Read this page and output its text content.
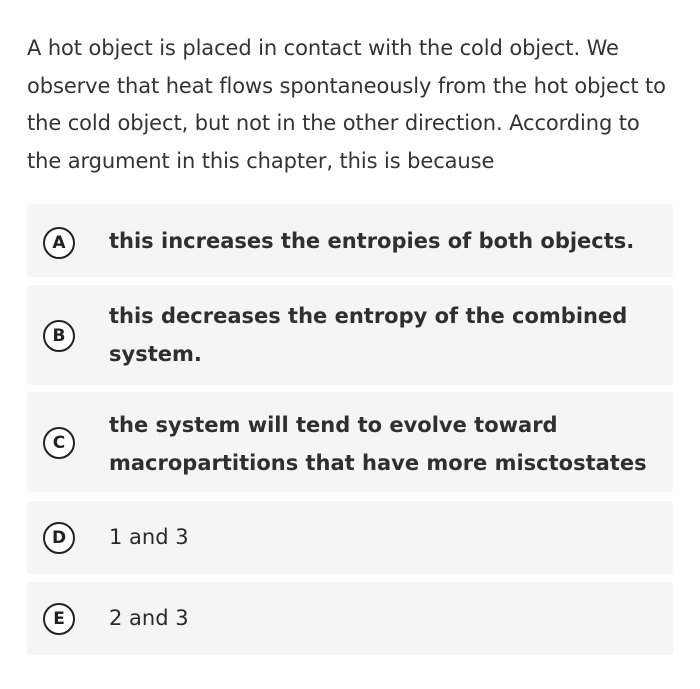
A hot object is placed in contact with the cold object. We observe that heat flows spontaneously from the hot object to the cold object, but not in the other direction. According to the argument in this chapter, this is because
A	this increases the entropies of both objects.
B
this decreases the entropy of the combined system.
C
the system will tend to evolve toward macropartitions that have more misctostates
D	1 and 3
E	2 and 3
